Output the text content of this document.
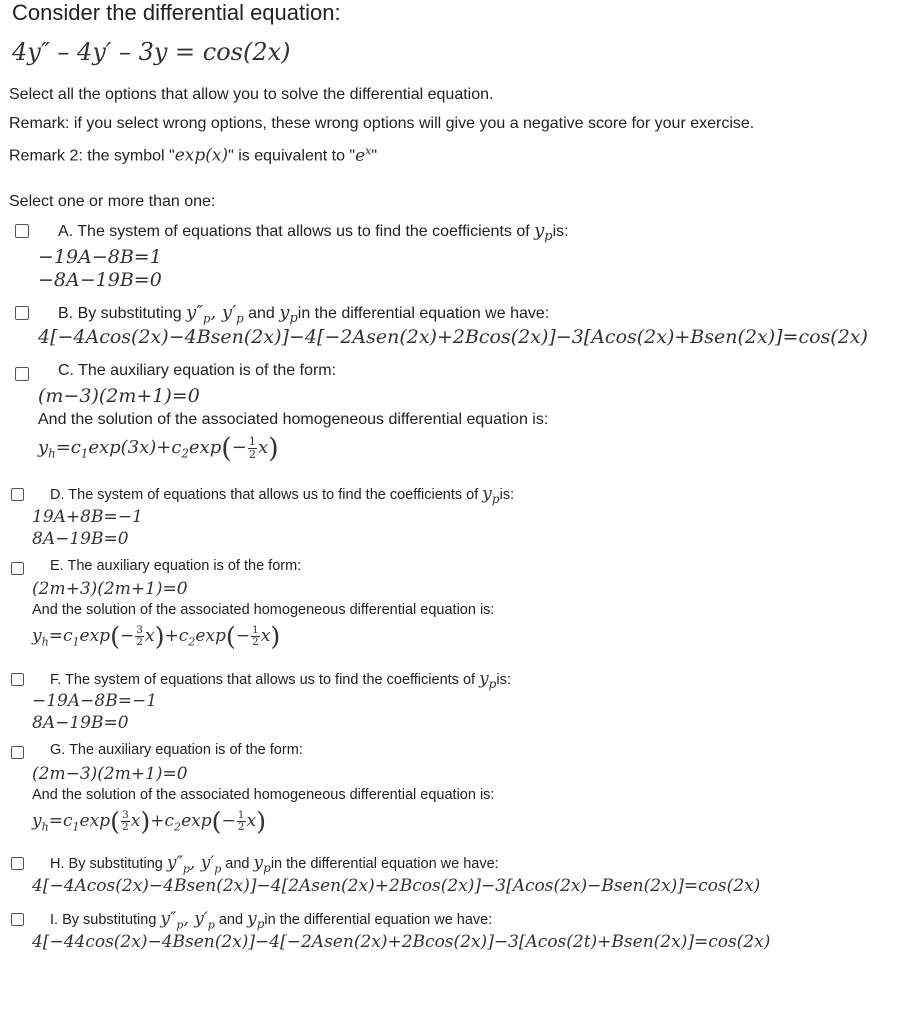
Consider the differential equation:
4y″ – 4y′ – 3y = cos(2x)
Select all the options that allow you to solve the differential equation.
Remark: if you select wrong options, these wrong options will give you a negative score for your exercise.
Remark 2: the symbol "exp(x)" is equivalent to "$e^x$"
Select one or more than one:
A. The system of equations that allows us to find the coefficients of $y_pis$:
−19A−8B=1
−8A−19B=0
B. By substituting $y''_p$, $y'_p$ and $y_pin$ the differential equation we have:
4[−4Acos(2x)−4Bsen(2x)]−4[−2Asen(2x)+2Bcos(2x)]−3[Acos(2x)+Bsen(2x)]=cos(2x)
C. The auxiliary equation is of the form:
(m−3)(2m+1)=0
And the solution of the associated homogeneous differential equation is:
$y_h=c_1\exp(3x)+c_2\exp(- \frac{1}{2} x)$
D. The system of equations that allows us to find the coefficients of $y_pis$:
19A+8B=−1
8A−19B=0
E. The auxiliary equation is of the form:
(2m+3)(2m+1)=0
And the solution of the associated homogeneous differential equation is:
$y_h=c_1\exp(- \frac{3}{2} x)+c_2\exp(- \frac{1}{2} x)$
F. The system of equations that allows us to find the coefficients of $y_pis$:
−19A−8B=−1
8A−19B=0
G. The auxiliary equation is of the form:
(2m−3)(2m+1)=0
And the solution of the associated homogeneous differential equation is:
$y_h=c_1\exp( \frac{3}{2} x)+c_2\exp(- \frac{1}{2} x)$
H. By substituting $y''_p$, $y'_p$ and $y_pin$ the differential equation we have:
4[−4Acos(2x)−4Bsen(2x)]−4[2Asen(2x)+2Bcos(2x)]−3[Acos(2x)−Bsen(2x)]=cos(2x)
I. By substituting $y''_p$, $y'_p$ and $y_pin$ the differential equation we have:
4[−44cos(2x)−4Bsen(2x)]−4[−2Asen(2x)+2Bcos(2x)]−3[Acos(2t)+Bsen(2x)]=cos(2x)
